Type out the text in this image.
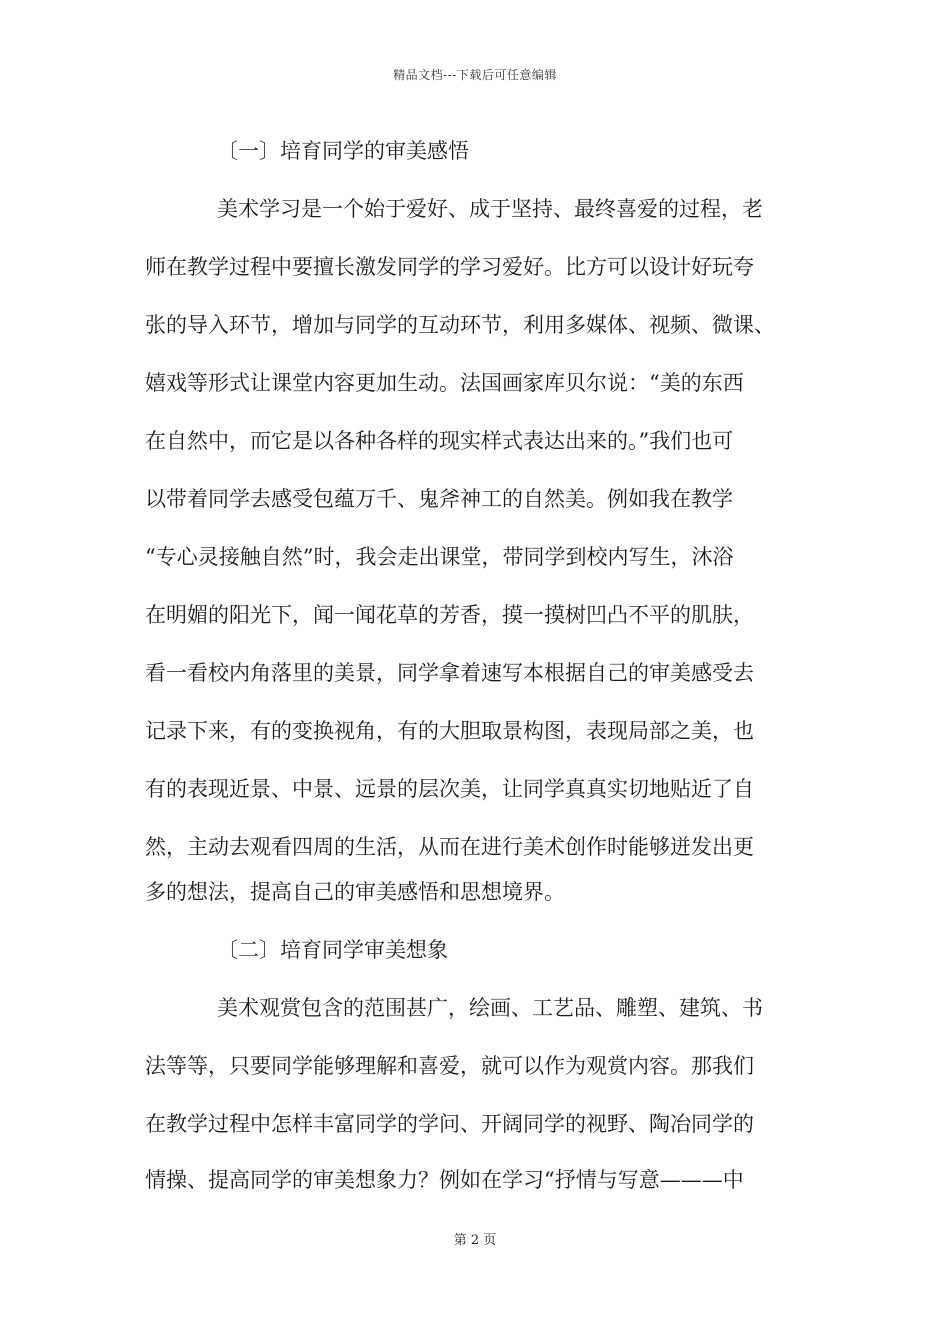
精品文档---下载后可任意编辑
〔一〕培育同学的审美感悟
美术学习是一个始于爱好、成于坚持、最终喜爱的过程，老
师在教学过程中要擅长激发同学的学习爱好。比方可以设计好玩夸
张的导入环节，增加与同学的互动环节，利用多媒体、视频、微课、
嬉戏等形式让课堂内容更加生动。法国画家库贝尔说：“美的东西
在自然中，而它是以各种各样的现实样式表达出来的。”我们也可
以带着同学去感受包蕴万千、鬼斧神工的自然美。例如我在教学
“专心灵接触自然”时，我会走出课堂，带同学到校内写生，沐浴
在明媚的阳光下，闻一闻花草的芳香，摸一摸树凹凸不平的肌肤，
看一看校内角落里的美景，同学拿着速写本根据自己的审美感受去
记录下来，有的变换视角，有的大胆取景构图，表现局部之美，也
有的表现近景、中景、远景的层次美，让同学真真实切地贴近了自
然，主动去观看四周的生活，从而在进行美术创作时能够迸发出更
多的想法，提高自己的审美感悟和思想境界。
〔二〕培育同学审美想象
美术观赏包含的范围甚广，绘画、工艺品、雕塑、建筑、书
法等等，只要同学能够理解和喜爱，就可以作为观赏内容。那我们
在教学过程中怎样丰富同学的学问、开阔同学的视野、陶冶同学的
情操、提高同学的审美想象力？例如在学习“抒情与写意———中
第 2 页
